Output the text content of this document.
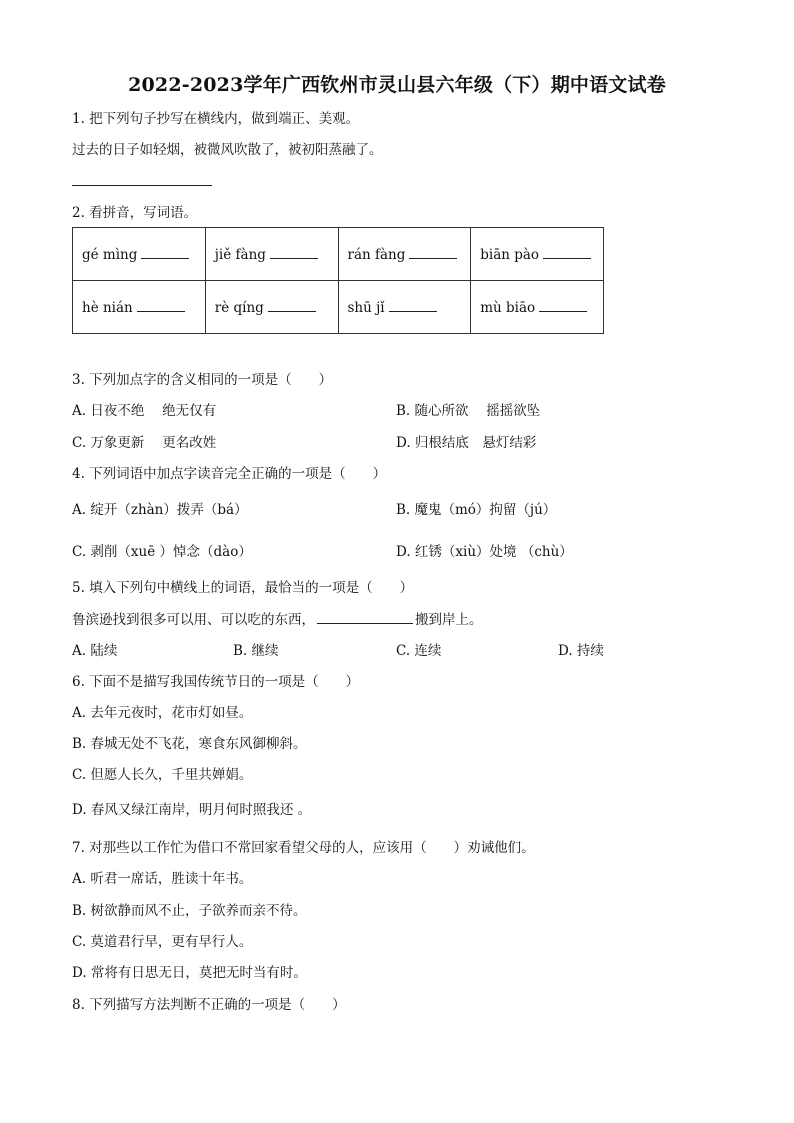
2022-2023学年广西钦州市灵山县六年级（下）期中语文试卷
1. 把下列句子抄写在横线内，做到端正、美观。
过去的日子如轻烟，被微风吹散了，被初阳蒸融了。
2. 看拼音，写词语。
gé mìng	jiě fàng	rán fàng	biān pào
hè nián	rè qíng	shū jǐ	mù biāo
3. 下列加点字的含义相同的一项是（　　）
A. 日夜不绝　 绝无仅有	B. 随心所欲　 摇摇欲坠
C. 万象更新　 更名改姓	D. 归根结底　悬灯结彩
4. 下列词语中加点字读音完全正确的一项是（　　）
A. 绽开（zhàn）拨弄（bá）	B. 魔鬼（mó）拘留（jú）
C. 剥削（xuē ）悼念（dào）	D. 红锈（xiù）处境 （chù）
5. 填入下列句中横线上的词语，最恰当的一项是（　　）
鲁滨逊找到很多可以用、可以吃的东西，	搬到岸上。
A. 陆续	B. 继续	C. 连续	D. 持续
6. 下面不是描写我国传统节日的一项是（　　）
A. 去年元夜时，花市灯如昼。
B. 春城无处不飞花，寒食东风御柳斜。
C. 但愿人长久，千里共婵娟。
D. 春风又绿江南岸，明月何时照我还 。
7. 对那些以工作忙为借口不常回家看望父母的人，应该用（　　）劝诫他们。
A. 听君一席话，胜读十年书。
B. 树欲静而风不止，子欲养而亲不待。
C. 莫道君行早，更有早行人。
D. 常将有日思无日，莫把无时当有时。
8. 下列描写方法判断不正确的一项是（　　）
